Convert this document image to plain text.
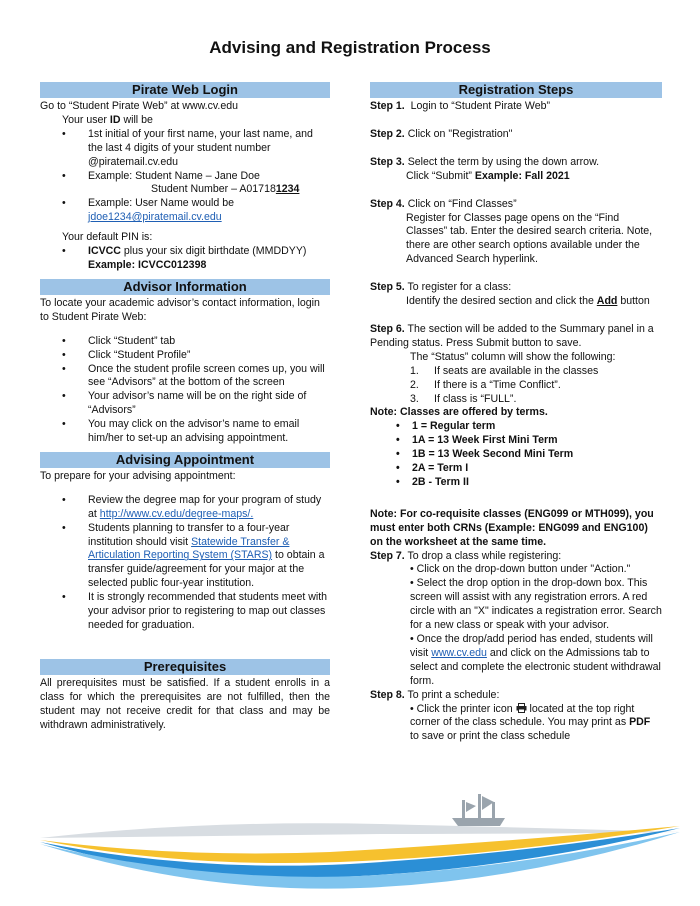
Advising and Registration Process
Pirate Web Login

Go to “Student Pirate Web” at www.cv.edu

Your user ID will be

• 1st initial of your first name, your last name, and the last 4 digits of your student number @piratemail.cv.edu
• Example: Student Name – Jane Doe
Student Number – A017181234
• Example: User Name would be
jdoe1234@piratemail.cv.edu

Your default PIN is:

• ICVCC plus your six digit birthdate (MMDDYY)
Example: ICVCC012398
Advisor Information

To locate your academic advisor’s contact information, login to Student Pirate Web:

• Click “Student” tab
• Click “Student Profile”
• Once the student profile screen comes up, you will see “Advisors” at the bottom of the screen
• Your advisor’s name will be on the right side of “Advisors”
• You may click on the advisor’s name to email him/her to set-up an advising appointment.
Advising Appointment

To prepare for your advising appointment:

• Review the degree map for your program of study at http://www.cv.edu/degree-maps/.
• Students planning to transfer to a four-year institution should visit Statewide Transfer & Articulation Reporting System (STARS) to obtain a transfer guide/agreement for your major at the selected public four-year institution.
• It is strongly recommended that students meet with your advisor prior to registering to map out classes needed for graduation.
Prerequisites

All prerequisites must be satisfied. If a student enrolls in a class for which the prerequisites are not fulfilled, then the student may not receive credit for that class and may be withdrawn administratively.

Registration Steps

Step 1. Login to “Student Pirate Web”

Step 2. Click on "Registration"

Step 3. Select the term by using the down arrow.

Click “Submit” Example: Fall 2021

Step 4. Click on “Find Classes”

Register for Classes page opens on the “Find Classes” tab. Enter the desired search criteria. Note, there are other search options available under the Advanced Search hyperlink.

Step 5. To register for a class:

Identify the desired section and click the Add button

Step 6. The section will be added to the Summary panel in a Pending status. Press Submit button to save.

The “Status” column will show the following:

1. If seats are available in the classes
2. If there is a “Time Conflict”.
3. If class is “FULL”.

Note: Classes are offered by terms.

• 1 = Regular term
• 1A = 13 Week First Mini Term
• 1B = 13 Week Second Mini Term
• 2A = Term I
• 2B - Term II

Note: For co-requisite classes (ENG099 or MTH099), you must enter both CRNs (Example: ENG099 and ENG100) on the worksheet at the same time.

Step 7. To drop a class while registering:

• Click on the drop-down button under "Action."

• Select the drop option in the drop-down box. This screen will assist with any registration errors. A red circle with an "X" indicates a registration error. Search for a new class or speak with your advisor.

• Once the drop/add period has ended, students will visit www.cv.edu and click on the Admissions tab to select and complete the electronic student withdrawal form.

Step 8. To print a schedule:

• Click the printer icon  located at the top right corner of the class schedule. You may print as PDF to save or print the class schedule
